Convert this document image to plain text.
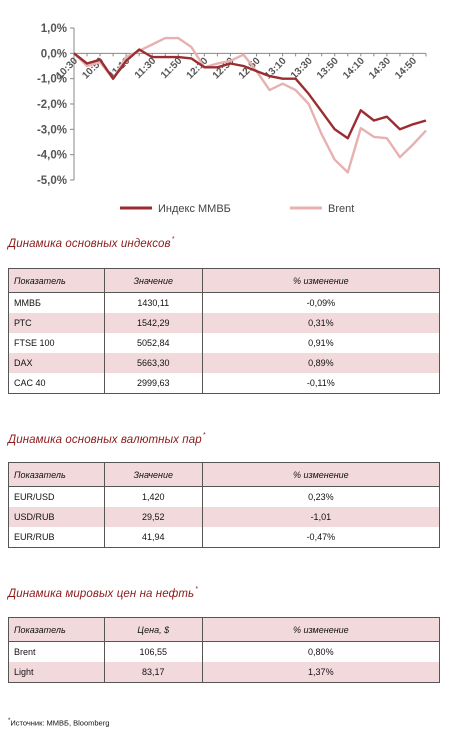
1,0%
0,0%
-1,0%
-2,0%
-3,0%
-4,0%
-5,0%
10:30 10:50 11:10 11:30 11:50 12:10 12:30 12:50 13:10 13:30 13:50 14:10 14:30 14:50
Индекс ММВБ	Brent
Динамика основных индексов*
Показатель	Значение	% изменение
ММВБ	1430,11	-0,09%
РТС	1542,29	0,31%
FTSE 100	5052,84	0,91%
DAX	5663,30	0,89%
CAC 40	2999,63	-0,11%
Динамика основных валютных пар*
Показатель	Значение	% изменение
EUR/USD	1,420	0,23%
USD/RUB	29,52	-1,01
EUR/RUB	41,94	-0,47%
Динамика мировых цен на нефть*
Показатель	Цена, $	% изменение
Brent	106,55	0,80%
Light	83,17	1,37%
*Источник: ММВБ, Bloomberg
